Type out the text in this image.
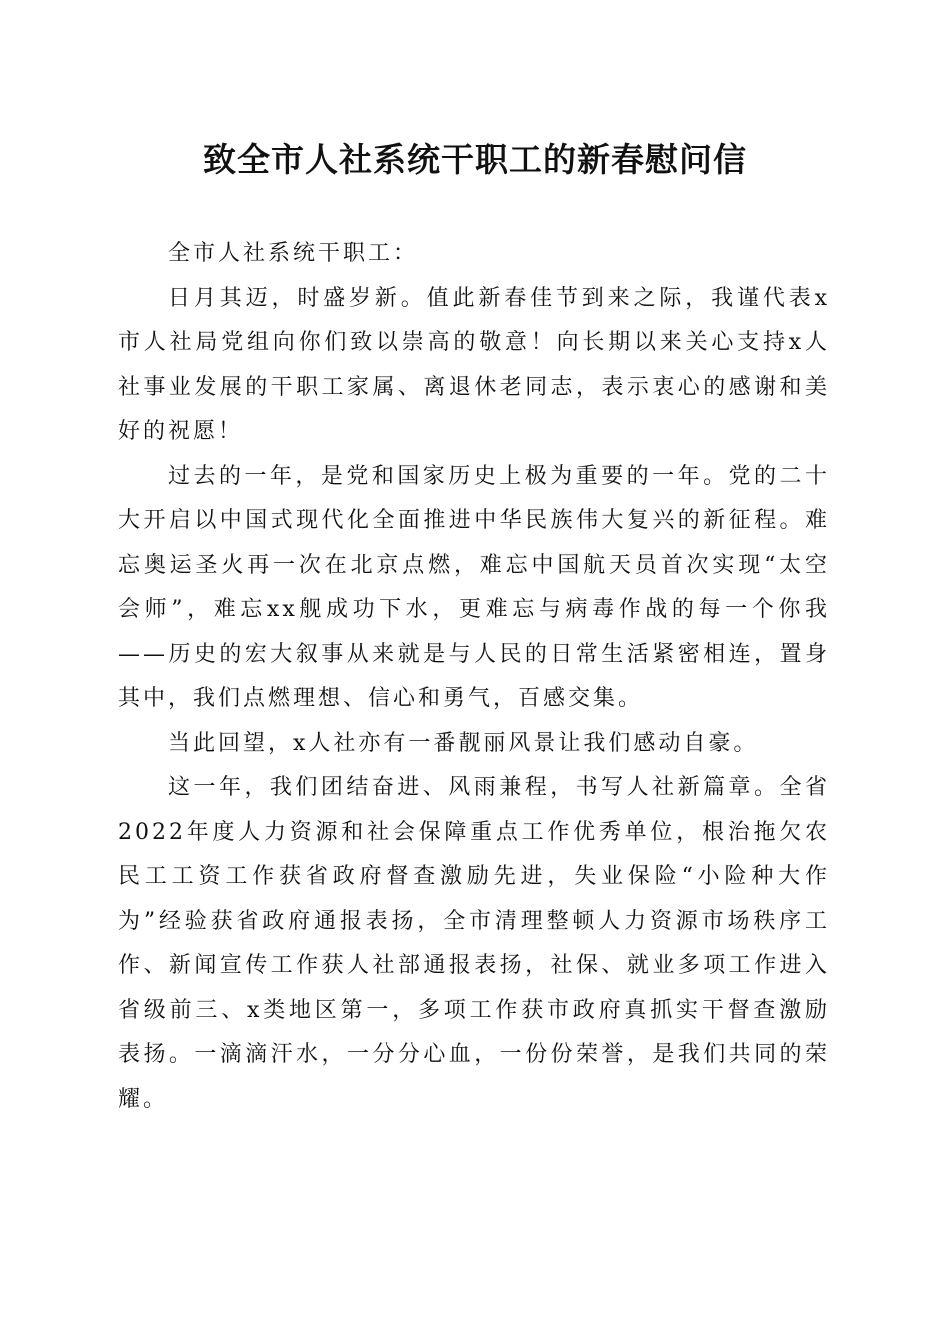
致全市人社系统干职工的新春慰问信

全市人社系统干职工：

日月其迈，时盛岁新。值此新春佳节到来之际，我谨代表x市人社局党组向你们致以崇高的敬意！向长期以来关心支持x人社事业发展的干职工家属、离退休老同志，表示衷心的感谢和美好的祝愿！

过去的一年，是党和国家历史上极为重要的一年。党的二十大开启以中国式现代化全面推进中华民族伟大复兴的新征程。难忘奥运圣火再一次在北京点燃，难忘中国航天员首次实现“太空会师”，难忘xx舰成功下水，更难忘与病毒作战的每一个你我——历史的宏大叙事从来就是与人民的日常生活紧密相连，置身其中，我们点燃理想、信心和勇气，百感交集。

当此回望，x人社亦有一番靓丽风景让我们感动自豪。

这一年，我们团结奋进、风雨兼程，书写人社新篇章。全省2022年度人力资源和社会保障重点工作优秀单位，根治拖欠农民工工资工作获省政府督查激励先进，失业保险“小险种大作为”经验获省政府通报表扬，全市清理整顿人力资源市场秩序工作、新闻宣传工作获人社部通报表扬，社保、就业多项工作进入省级前三、x类地区第一，多项工作获市政府真抓实干督查激励表扬。一滴滴汗水，一分分心血，一份份荣誉，是我们共同的荣耀。
